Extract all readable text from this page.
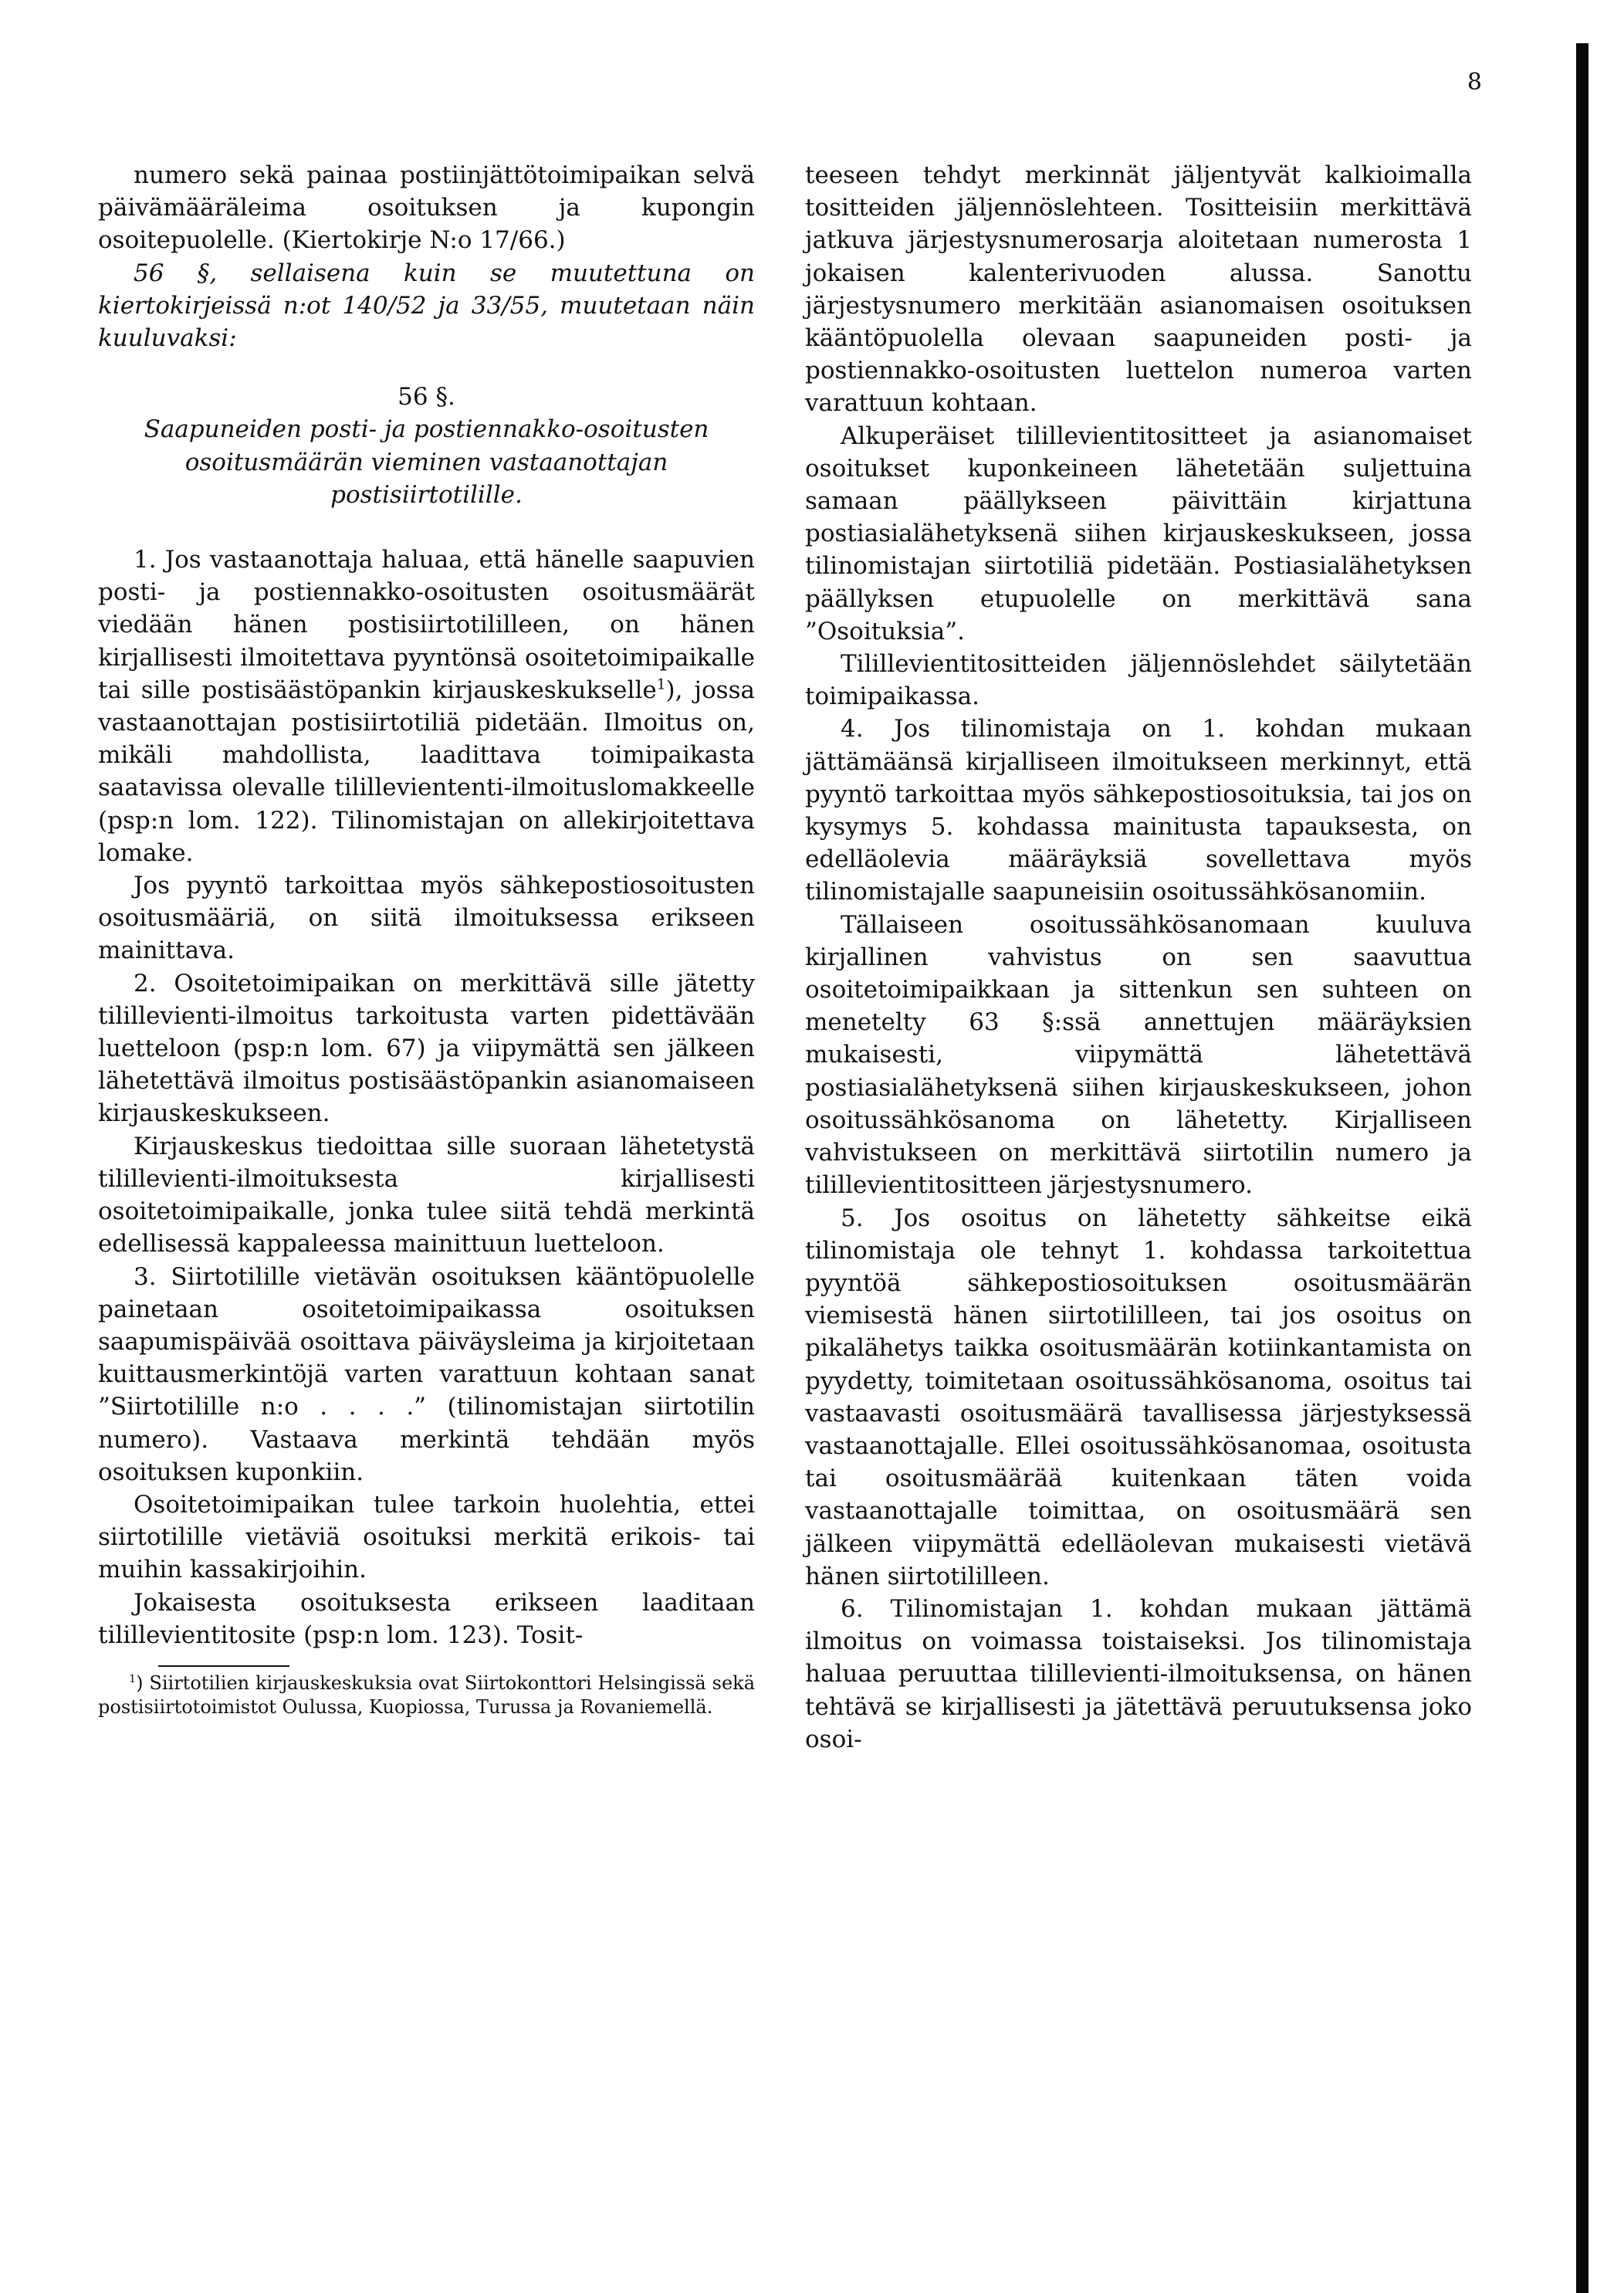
8

numero sekä painaa postiinjättötoimipaikan selvä päivämääräleima osoituksen ja kupongin osoitepuolelle. (Kiertokirje N:o 17/66.)

56 §, sellaisena kuin se muutettuna on kiertokirjeissä n:ot 140/52 ja 33/55, muutetaan näin kuuluvaksi:

56 §.

Saapuneiden posti- ja postiennakko-osoitusten osoitusmäärän vieminen vastaanottajan postisiirtotilille.

1. Jos vastaanottaja haluaa, että hänelle saapuvien posti- ja postiennakko-osoitusten osoitusmäärät viedään hänen postisiirtotililleen, on hänen kirjallisesti ilmoitettava pyyntönsä osoitetoimipaikalle tai sille postisäästöpankin kirjauskeskukselle$^1$), jossa vastaanottajan postisiirtotiliä pidetään. Ilmoitus on, mikäli mahdollista, laadittava toimipaikasta saatavissa olevalle tililleviententi-ilmoituslomakkeelle (psp:n lom. 122). Tilinomistajan on allekirjoitettava lomake.

Jos pyyntö tarkoittaa myös sähkepostiosoitusten osoitusmääriä, on siitä ilmoituksessa erikseen mainittava.

2. Osoitetoimipaikan on merkittävä sille jätetty tilillevienti-ilmoitus tarkoitusta varten pidettävään luetteloon (psp:n lom. 67) ja viipymättä sen jälkeen lähetettävä ilmoitus postisäästöpankin asianomaiseen kirjauskeskukseen.

Kirjauskeskus tiedoittaa sille suoraan lähetetystä tilillevienti-ilmoituksesta kirjallisesti osoitetoimipaikalle, jonka tulee siitä tehdä merkintä edellisessä kappaleessa mainittuun luetteloon.

3. Siirtotilille vietävän osoituksen kääntöpuolelle painetaan osoitetoimipaikassa osoituksen saapumispäivää osoittava päiväysleima ja kirjoitetaan kuittausmerkintöjä varten varattuun kohtaan sanat ”Siirtotilille n:o . . . .” (tilinomistajan siirtotilin numero). Vastaava merkintä tehdään myös osoituksen kuponkiin.

Osoitetoimipaikan tulee tarkoin huolehtia, ettei siirtotilille vietäviä osoituksi merkitä erikois- tai muihin kassakirjoihin.

Jokaisesta osoituksesta erikseen laaditaan tilillevientitosite (psp:n lom. 123). Tosit-

$^1$) Siirtotilien kirjauskeskuksia ovat Siirtokonttori Helsingissä sekä postisiirtotoimistot Oulussa, Kuopiossa, Turussa ja Rovaniemellä.

teeseen tehdyt merkinnät jäljentyvät kalkioimalla tositteiden jäljennöslehteen. Tositteisiin merkittävä jatkuva järjestysnumerosarja aloitetaan numerosta 1 jokaisen kalenterivuoden alussa. Sanottu järjestysnumero merkitään asianomaisen osoituksen kääntöpuolella olevaan saapuneiden posti- ja postiennakko-osoitusten luettelon numeroa varten varattuun kohtaan.

Alkuperäiset tilillevientitositteet ja asianomaiset osoitukset kuponkeineen lähetetään suljettuina samaan päällykseen päivittäin kirjattuna postiasialähetyksenä siihen kirjauskeskukseen, jossa tilinomistajan siirtotiliä pidetään. Postiasialähetyksen päällyksen etupuolelle on merkittävä sana ”Osoituksia”.

Tilillevientitositteiden jäljennöslehdet säilytetään toimipaikassa.

4. Jos tilinomistaja on 1. kohdan mukaan jättämäänsä kirjalliseen ilmoitukseen merkinnyt, että pyyntö tarkoittaa myös sähkepostiosoituksia, tai jos on kysymys 5. kohdassa mainitusta tapauksesta, on edelläolevia määräyksiä sovellettava myös tilinomistajalle saapuneisiin osoitussähkösanomiin.

Tällaiseen osoitussähkösanomaan kuuluva kirjallinen vahvistus on sen saavuttua osoitetoimipaikkaan ja sittenkun sen suhteen on menetelty 63 §:ssä annettujen määräyksien mukaisesti, viipymättä lähetettävä postiasialähetyksenä siihen kirjauskeskukseen, johon osoitussähkösanoma on lähetetty. Kirjalliseen vahvistukseen on merkittävä siirtotilin numero ja tilillevientitositteen järjestysnumero.

5. Jos osoitus on lähetetty sähkeitse eikä tilinomistaja ole tehnyt 1. kohdassa tarkoitettua pyyntöä sähkepostiosoituksen osoitusmäärän viemisestä hänen siirtotililleen, tai jos osoitus on pikalähetys taikka osoitusmäärän kotiinkantamista on pyydetty, toimitetaan osoitussähkösanoma, osoitus tai vastaavasti osoitusmäärä tavallisessa järjestyksessä vastaanottajalle. Ellei osoitussähkösanomaa, osoitusta tai osoitusmäärää kuitenkaan täten voida vastaanottajalle toimittaa, on osoitusmäärä sen jälkeen viipymättä edelläolevan mukaisesti vietävä hänen siirtotililleen.

6. Tilinomistajan 1. kohdan mukaan jättämä ilmoitus on voimassa toistaiseksi. Jos tilinomistaja haluaa peruuttaa tilillevienti-ilmoituksensa, on hänen tehtävä se kirjallisesti ja jätettävä peruutuksensa joko osoi-
